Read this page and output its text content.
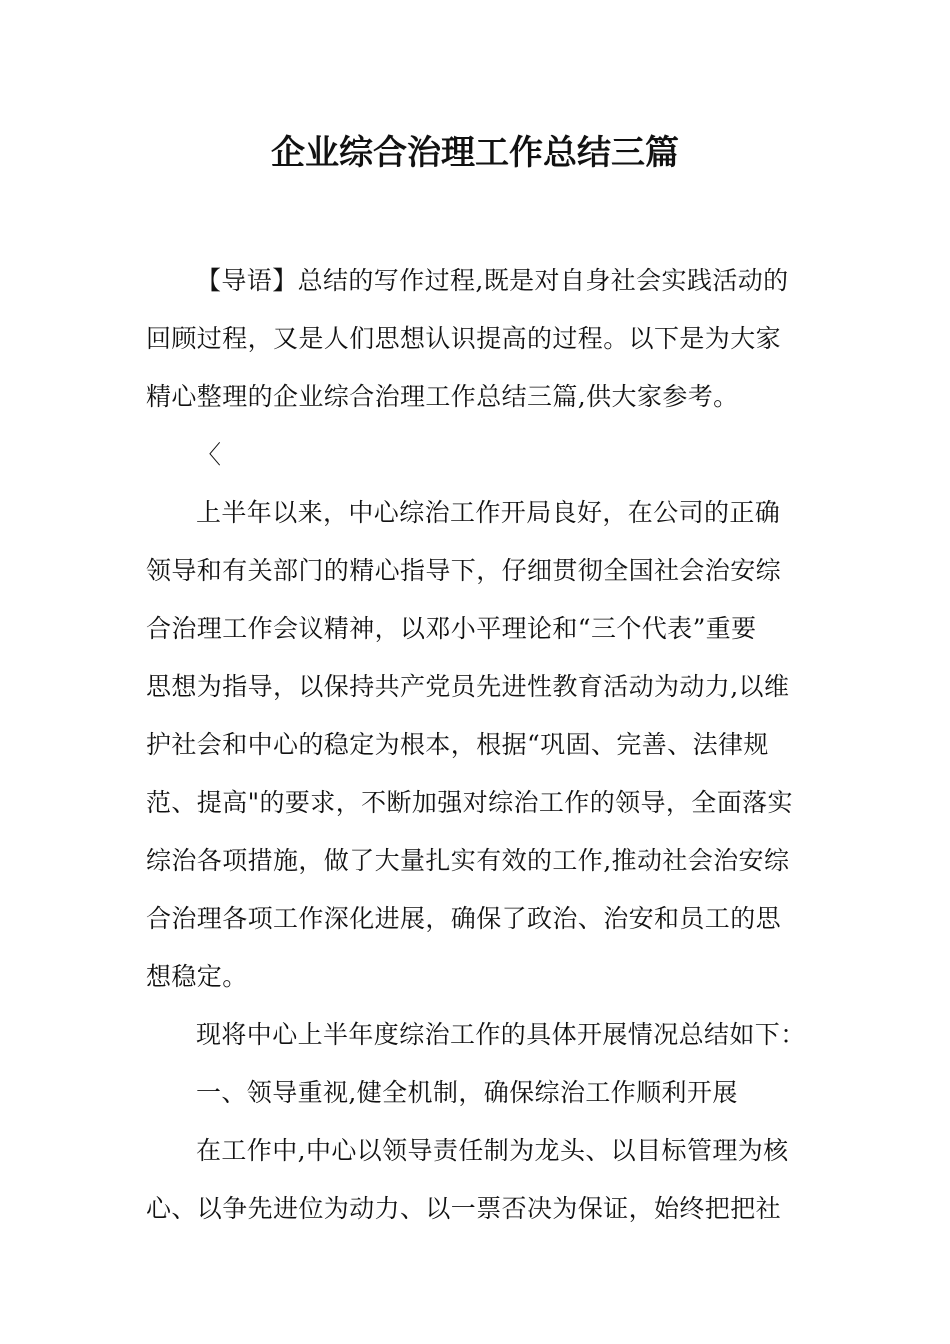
企业综合治理工作总结三篇
【导语】总结的写作过程,既是对自身社会实践活动的
回顾过程，又是人们思想认识提高的过程。以下是为大家
精心整理的企业综合治理工作总结三篇,供大家参考。
〈
上半年以来，中心综治工作开局良好，在公司的正确
领导和有关部门的精心指导下，仔细贯彻全国社会治安综
合治理工作会议精神，以邓小平理论和“三个代表”重要
思想为指导，以保持共产党员先进性教育活动为动力,以维
护社会和中心的稳定为根本，根据“巩固、完善、法律规
范、提高"的要求，不断加强对综治工作的领导，全面落实
综治各项措施，做了大量扎实有效的工作,推动社会治安综
合治理各项工作深化进展，确保了政治、治安和员工的思
想稳定。
现将中心上半年度综治工作的具体开展情况总结如下：
一、领导重视,健全机制，确保综治工作顺利开展
在工作中,中心以领导责任制为龙头、以目标管理为核
心、以争先进位为动力、以一票否决为保证，始终把把社
